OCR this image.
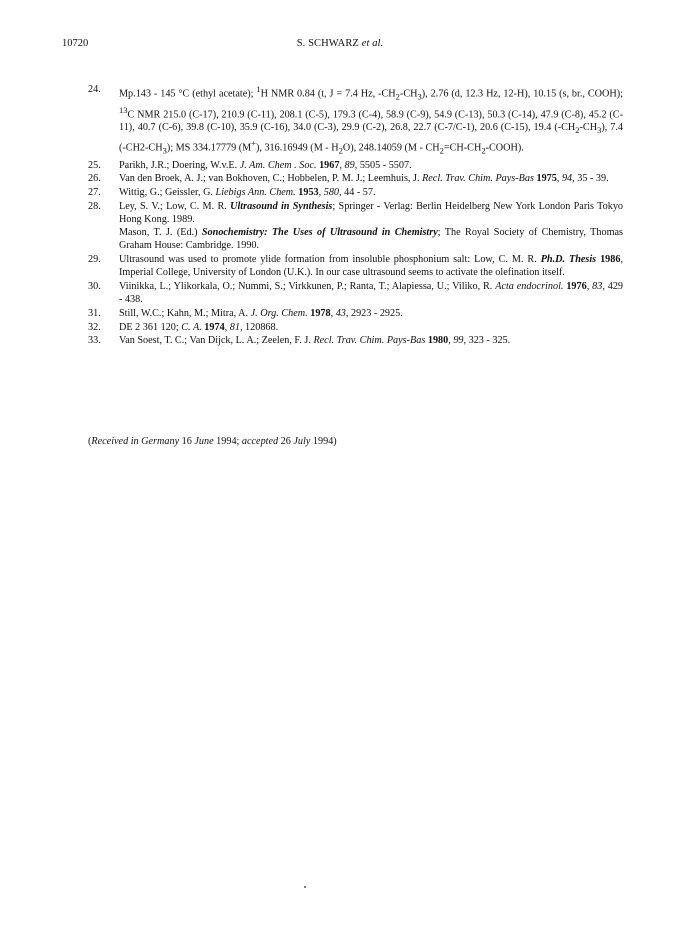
10720	S. SCHWARZ et al.
24. Mp.143 - 145 °C (ethyl acetate); $^1$H NMR 0.84 (t, J = 7.4 Hz, $-CH_2-CH_3$), 2.76 (d, 12.3 Hz, 12-H), 10.15 (s, br., COOH); $^{13}$C NMR 215.0 (C-17), 210.9 (C-11), 208.1 (C-5), 179.3 (C-4), 58.9 (C-9), 54.9 (C-13), 50.3 (C-14), 47.9 (C-8), 45.2 (C-11), 40.7 (C-6), 39.8 (C-10), 35.9 (C-16), 34.0 (C-3), 29.9 (C-2), 26.8, 22.7 (C-7/C-1), 20.6 (C-15), 19.4 $(-CH_2-CH_3)$, 7.4 $(-CH2-CH_3)$; MS 334.17779 (M+), 316.16949 $(M - H_2O)$, 248.14059 $(M - CH_2=CH-CH_2-COOH)$.
25. Parikh, J.R.; Doering, W.v.E. J. Am. Chem . Soc. 1967, 89, 5505 - 5507.
26. Van den Broek, A. J.; van Bokhoven, C.; Hobbelen, P. M. J.; Leemhuis, J. Recl. Trav. Chim. Pays-Bas 1975, 94, 35 - 39.
27. Wittig, G.; Geissler, G. Liebigs Ann. Chem. 1953, 580, 44 - 57.
28. Ley, S. V.; Low, C. M. R. Ultrasound in Synthesis; Springer - Verlag: Berlin Heidelberg New York London Paris Tokyo Hong Kong. 1989.
Mason, T. J. (Ed.) Sonochemistry: The Uses of Ultrasound in Chemistry; The Royal Society of Chemistry, Thomas Graham House: Cambridge. 1990.
29. Ultrasound was used to promote ylide formation from insoluble phosphonium salt: Low, C. M. R. Ph.D. Thesis 1986, Imperial College, University of London (U.K.). In our case ultrasound seems to activate the olefination itself.
30. Viinikka, L.; Ylikorkala, O.; Nummi, S.; Virkkunen, P.; Ranta, T.; Alapiessa, U.; Viliko, R. Acta endocrinol. 1976, 83, 429 - 438.
31. Still, W.C.; Kahn, M.; Mitra, A. J. Org. Chem. 1978, 43, 2923 - 2925.
32. DE 2 361 120; C. A. 1974, 81, 120868.
33. Van Soest, T. C.; Van Dijck, L. A.; Zeelen, F. J. Recl. Trav. Chim. Pays-Bas 1980, 99, 323 - 325.
(Received in Germany 16 June 1994; accepted 26 July 1994)
